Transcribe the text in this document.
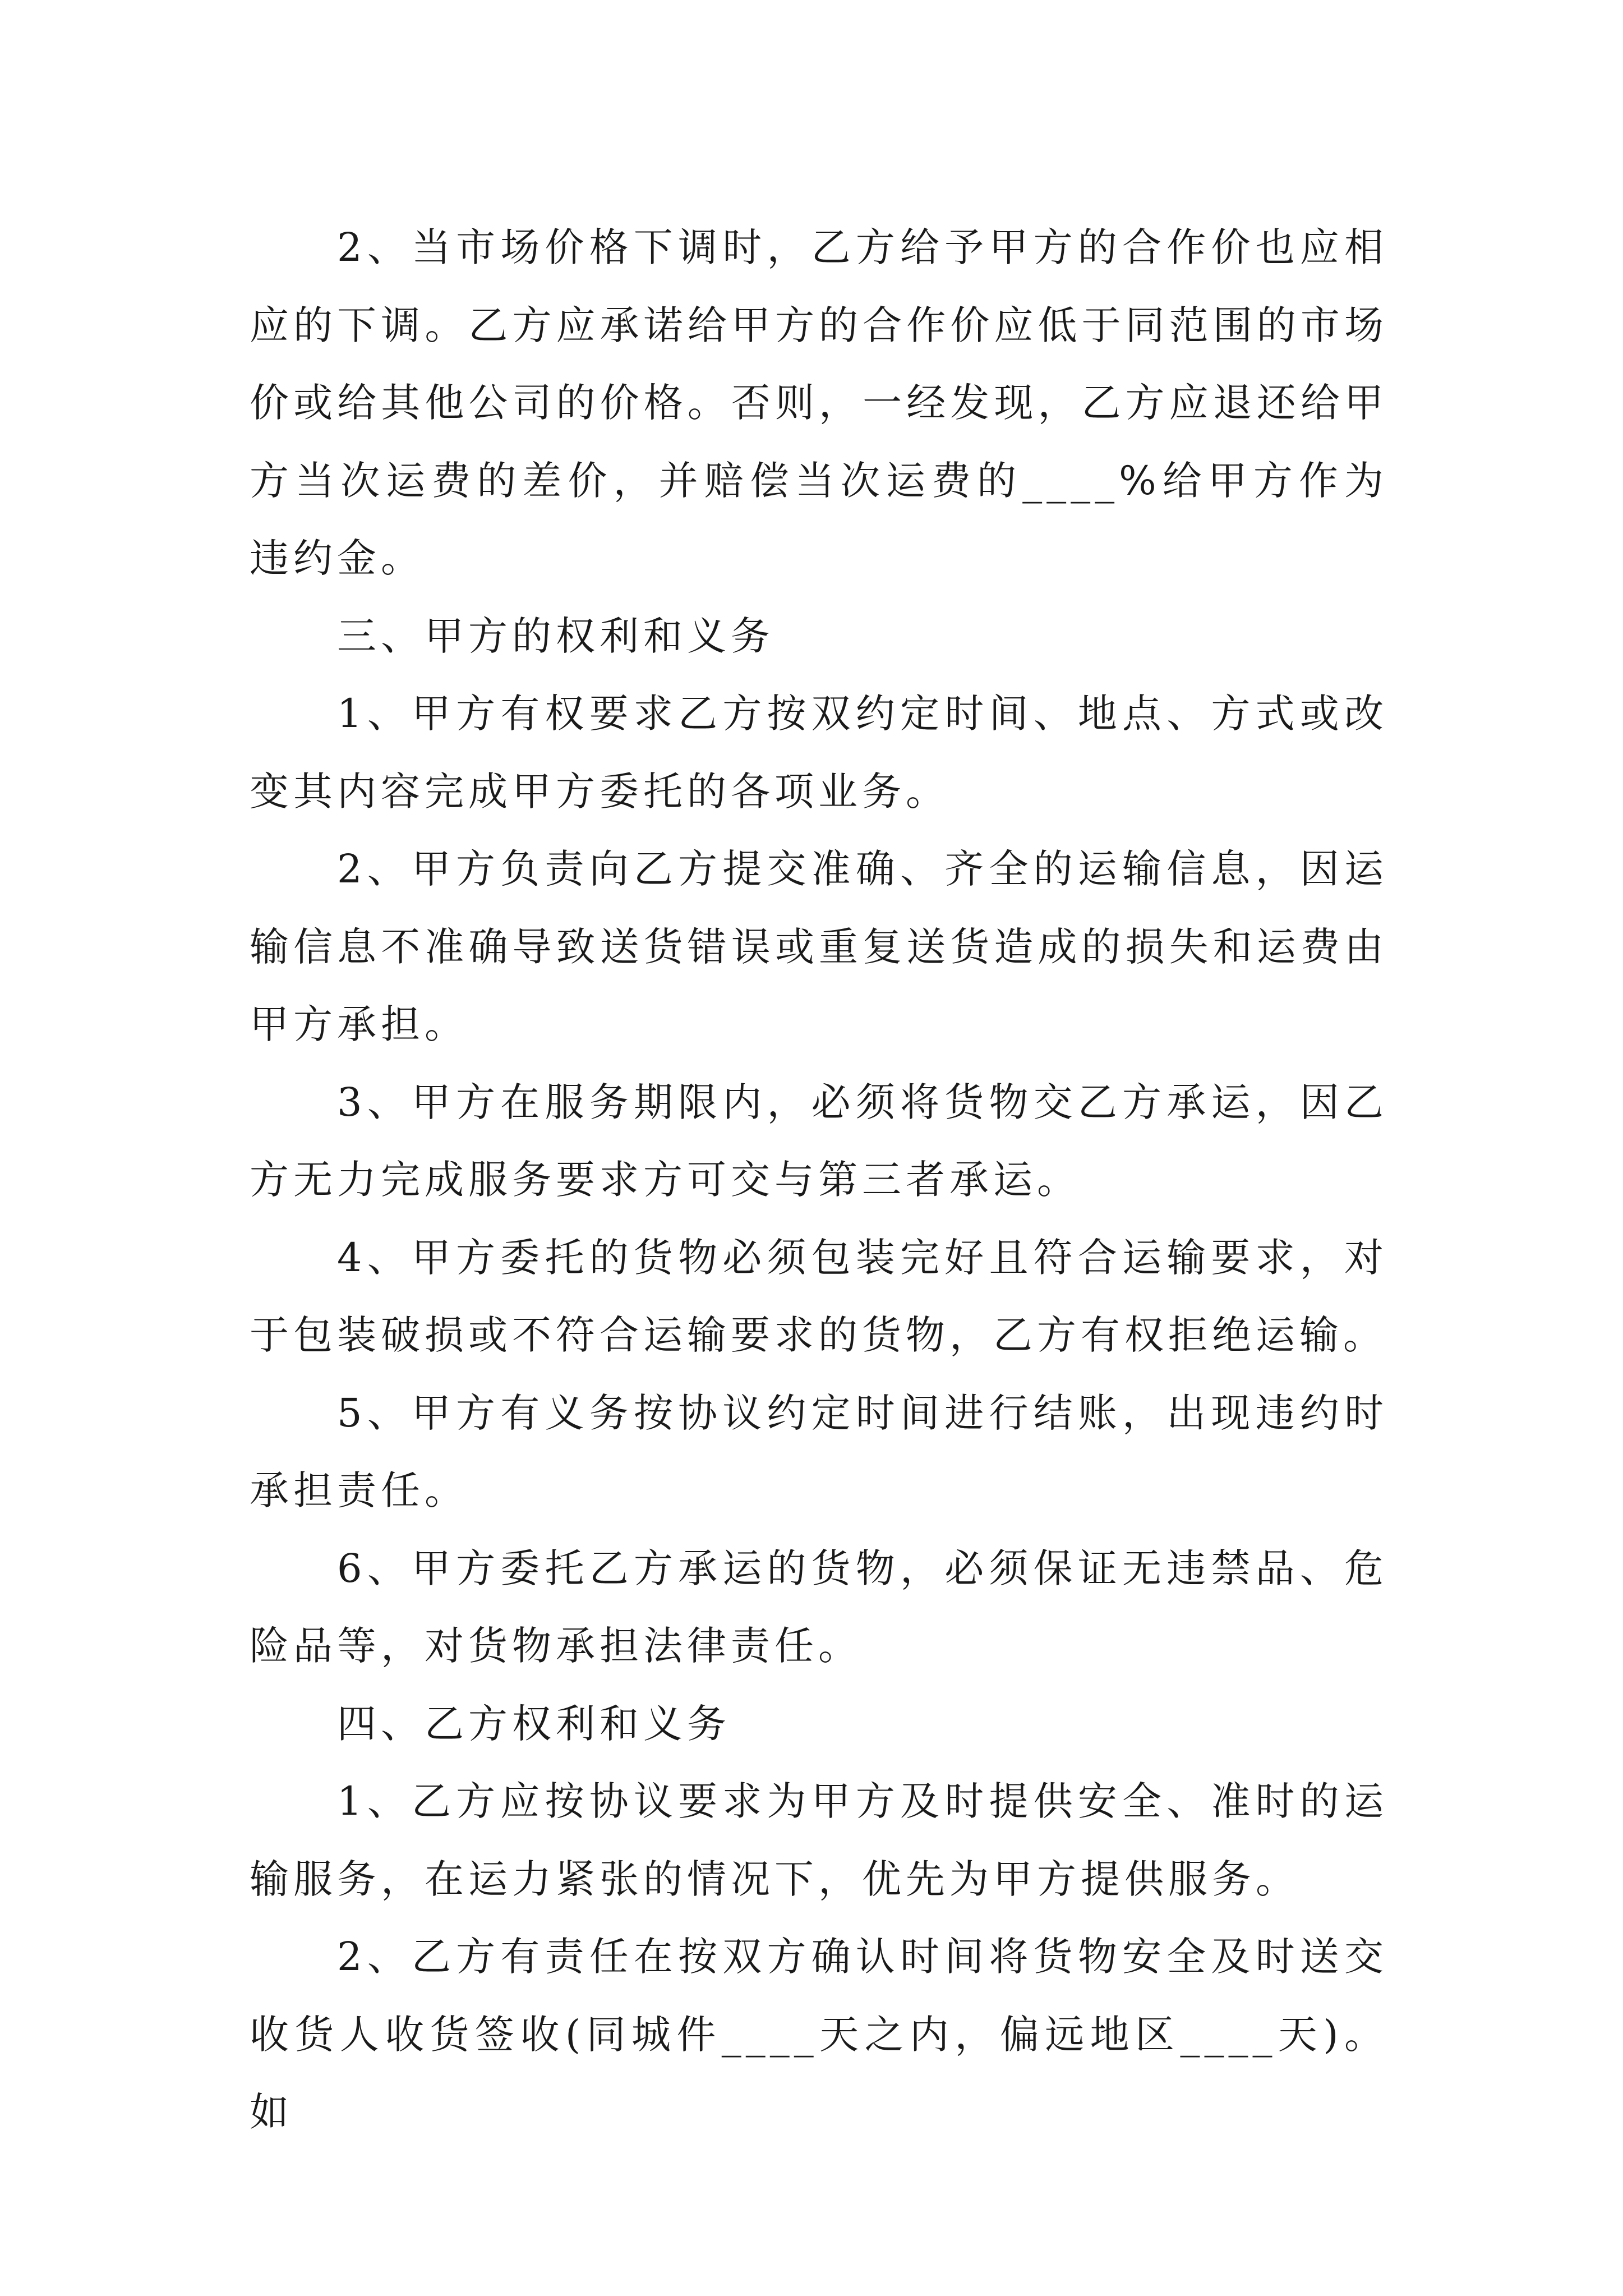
2、当市场价格下调时，乙方给予甲方的合作价也应相应的下调。乙方应承诺给甲方的合作价应低于同范围的市场价或给其他公司的价格。否则，一经发现，乙方应退还给甲方当次运费的差价，并赔偿当次运费的____%给甲方作为违约金。

三、甲方的权利和义务

1、甲方有权要求乙方按双约定时间、地点、方式或改变其内容完成甲方委托的各项业务。

2、甲方负责向乙方提交准确、齐全的运输信息，因运输信息不准确导致送货错误或重复送货造成的损失和运费由甲方承担。

3、甲方在服务期限内，必须将货物交乙方承运，因乙方无力完成服务要求方可交与第三者承运。

4、甲方委托的货物必须包装完好且符合运输要求，对于包装破损或不符合运输要求的货物，乙方有权拒绝运输。

5、甲方有义务按协议约定时间进行结账，出现违约时承担责任。

6、甲方委托乙方承运的货物，必须保证无违禁品、危险品等，对货物承担法律责任。

四、乙方权利和义务

1、乙方应按协议要求为甲方及时提供安全、准时的运输服务，在运力紧张的情况下，优先为甲方提供服务。

2、乙方有责任在按双方确认时间将货物安全及时送交收货人收货签收(同城件____天之内，偏远地区____天)。如
